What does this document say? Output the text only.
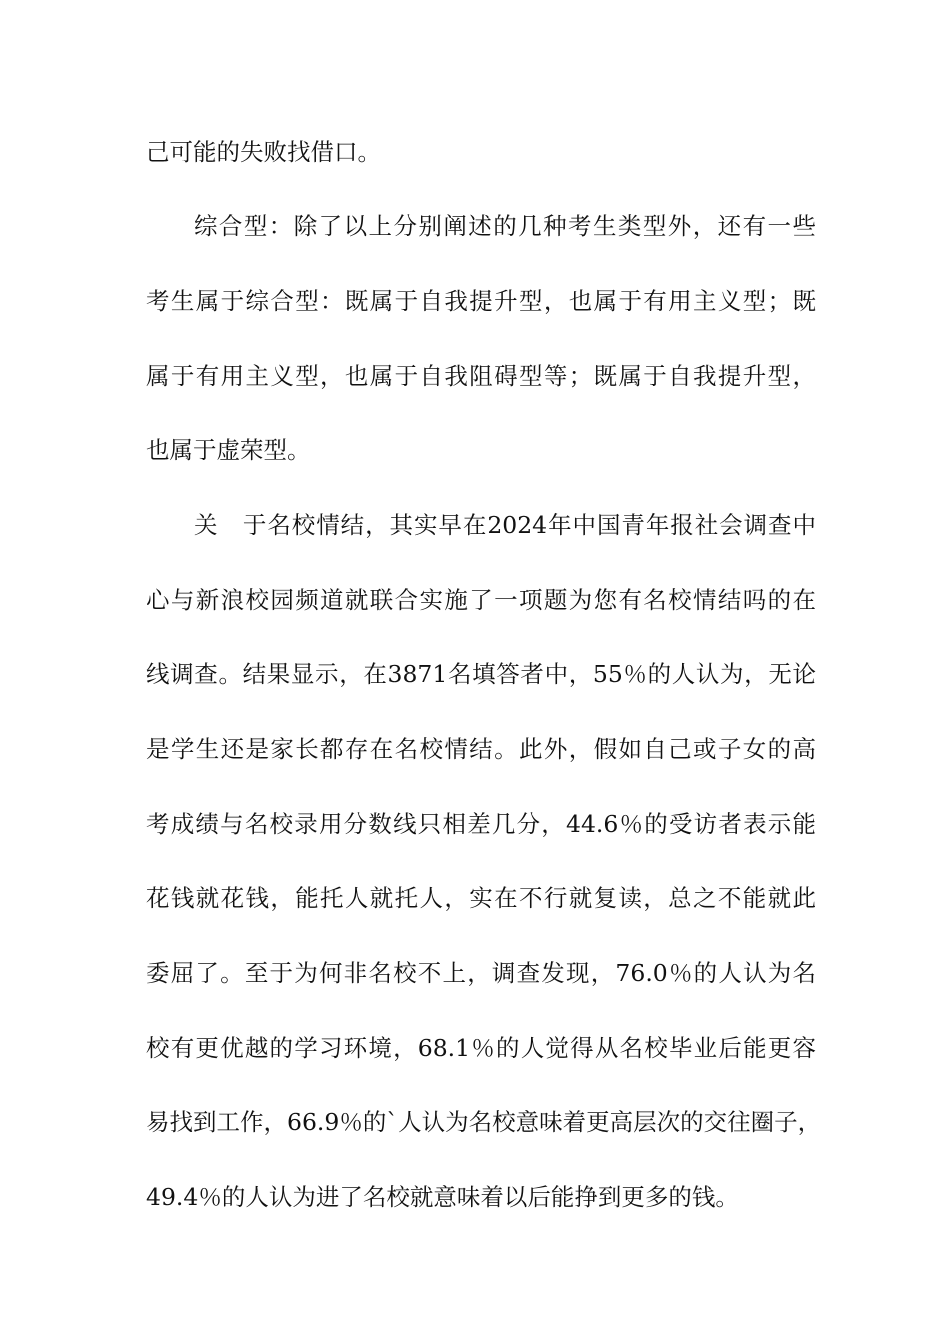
己可能的失败找借口。
综合型：除了以上分别阐述的几种考生类型外，还有一些
考生属于综合型：既属于自我提升型，也属于有用主义型；既
属于有用主义型，也属于自我阻碍型等；既属于自我提升型，
也属于虚荣型。
关　于名校情结，其实早在2024年中国青年报社会调查中
心与新浪校园频道就联合实施了一项题为您有名校情结吗的在
线调查。结果显示，在3871名填答者中，55％的人认为，无论
是学生还是家长都存在名校情结。此外，假如自己或子女的高
考成绩与名校录用分数线只相差几分，44.6％的受访者表示能
花钱就花钱，能托人就托人，实在不行就复读，总之不能就此
委屈了。至于为何非名校不上，调查发现，76.0％的人认为名
校有更优越的学习环境，68.1％的人觉得从名校毕业后能更容
易找到工作，66.9％的`人认为名校意味着更高层次的交往圈子，
49.4％的人认为进了名校就意味着以后能挣到更多的钱。
